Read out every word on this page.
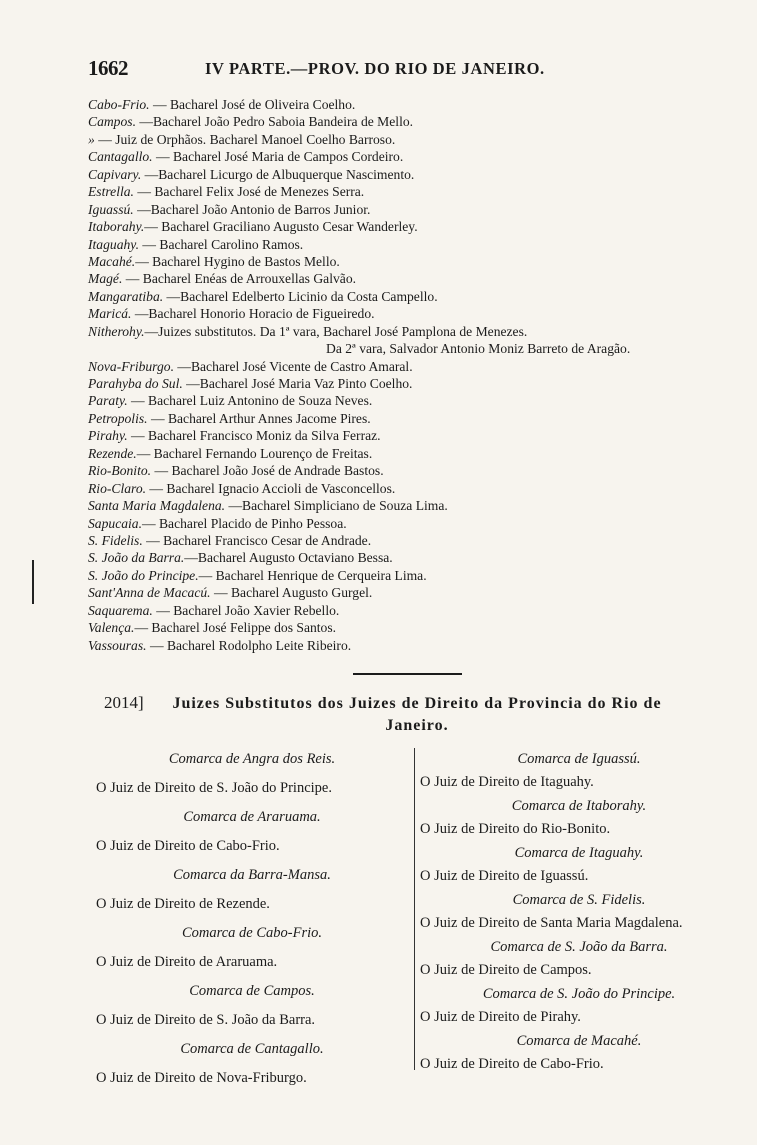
1662	IV PARTE.—PROV. DO RIO DE JANEIRO.
Cabo-Frio. — Bacharel José de Oliveira Coelho.
Campos. —Bacharel João Pedro Saboia Bandeira de Mello.
» — Juiz de Orphãos. Bacharel Manoel Coelho Barroso.
Cantagallo. — Bacharel José Maria de Campos Cordeiro.
Capivary. —Bacharel Licurgo de Albuquerque Nascimento.
Estrella. — Bacharel Felix José de Menezes Serra.
Iguassú. —Bacharel João Antonio de Barros Junior.
Itaborahy.— Bacharel Graciliano Augusto Cesar Wanderley.
Itaguahy. — Bacharel Carolino Ramos.
Macahé.— Bacharel Hygino de Bastos Mello.
Magé. — Bacharel Enéas de Arrouxellas Galvão.
Mangaratiba. —Bacharel Edelberto Licinio da Costa Campello.
Maricá. —Bacharel Honorio Horacio de Figueiredo.
Nitherohy.—Juizes substitutos. Da 1ª vara, Bacharel José Pamplona de Menezes.
Da 2ª vara, Salvador Antonio Moniz Barreto de Aragão.
Nova-Friburgo. —Bacharel José Vicente de Castro Amaral.
Parahyba do Sul. —Bacharel José Maria Vaz Pinto Coelho.
Paraty. — Bacharel Luiz Antonino de Souza Neves.
Petropolis. — Bacharel Arthur Annes Jacome Pires.
Pirahy. — Bacharel Francisco Moniz da Silva Ferraz.
Rezende.— Bacharel Fernando Lourenço de Freitas.
Rio-Bonito. — Bacharel João José de Andrade Bastos.
Rio-Claro. — Bacharel Ignacio Accioli de Vasconcellos.
Santa Maria Magdalena. —Bacharel Simpliciano de Souza Lima.
Sapucaia.— Bacharel Placido de Pinho Pessoa.
S. Fidelis. — Bacharel Francisco Cesar de Andrade.
S. João da Barra.—Bacharel Augusto Octaviano Bessa.
S. João do Principe.— Bacharel Henrique de Cerqueira Lima.
Sant'Anna de Macacú. — Bacharel Augusto Gurgel.
Saquarema. — Bacharel João Xavier Rebello.
Valença.— Bacharel José Felippe dos Santos.
Vassouras. — Bacharel Rodolpho Leite Ribeiro.
2014]	Juizes Substitutos dos Juizes de Direito da Provincia do Rio de Janeiro.
Comarca de Angra dos Reis.
O Juiz de Direito de S. João do Principe.
Comarca de Araruama.
O Juiz de Direito de Cabo-Frio.
Comarca da Barra-Mansa.
O Juiz de Direito de Rezende.
Comarca de Cabo-Frio.
O Juiz de Direito de Araruama.
Comarca de Campos.
O Juiz de Direito de S. João da Barra.
Comarca de Cantagallo.
O Juiz de Direito de Nova-Friburgo.
Comarca de Iguassú.
O Juiz de Direito de Itaguahy.
Comarca de Itaborahy.
O Juiz de Direito do Rio-Bonito.
Comarca de Itaguahy.
O Juiz de Direito de Iguassú.
Comarca de S. Fidelis.
O Juiz de Direito de Santa Maria Magdalena.
Comarca de S. João da Barra.
O Juiz de Direito de Campos.
Comarca de S. João do Principe.
O Juiz de Direito de Pirahy.
Comarca de Macahé.
O Juiz de Direito de Cabo-Frio.
